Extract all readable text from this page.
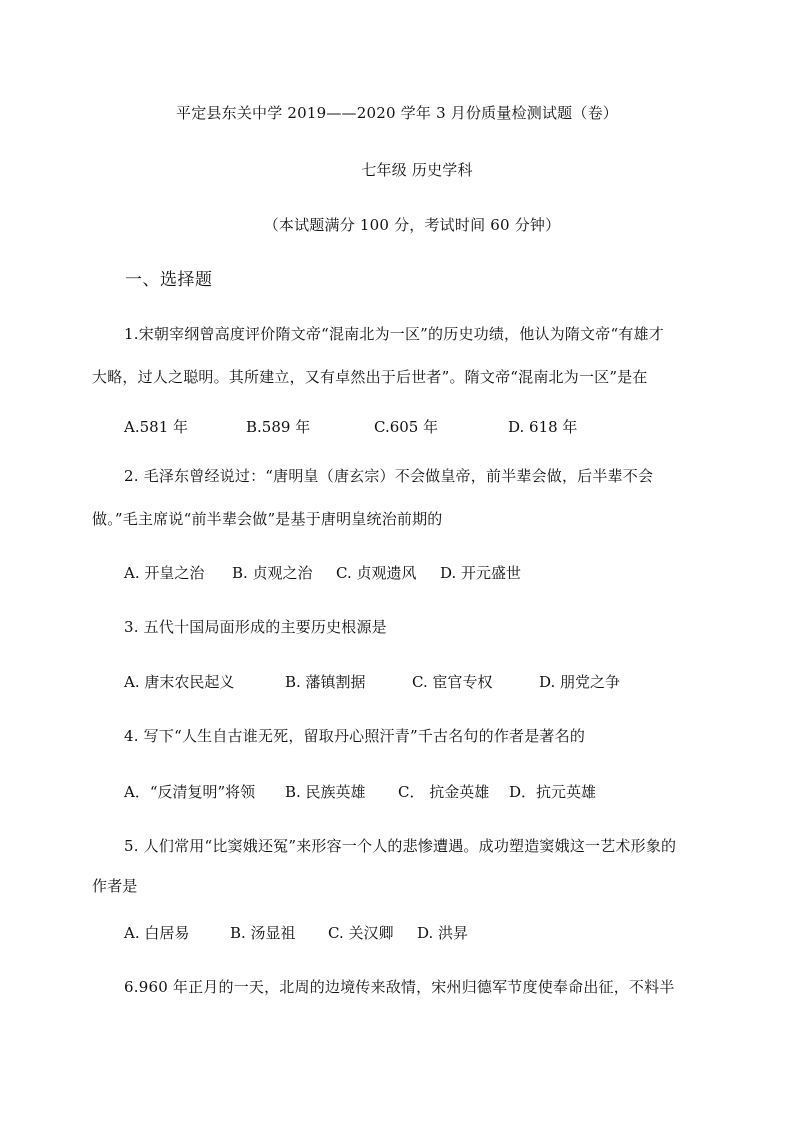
平定县东关中学 2019——2020 学年 3 月份质量检测试题（卷）
七年级 历史学科
（本试题满分 100 分，考试时间 60 分钟）
一、选择题
1.宋朝宰纲曾高度评价隋文帝“混南北为一区”的历史功绩，他认为隋文帝“有雄才
大略，过人之聪明。其所建立，又有卓然出于后世者”。隋文帝“混南北为一区”是在
A.581 年	B.589 年	C.605 年	D. 618 年
2. 毛泽东曾经说过：“唐明皇（唐玄宗）不会做皇帝，前半辈会做，后半辈不会
做。”毛主席说“前半辈会做”是基于唐明皇统治前期的
A. 开皇之治 B. 贞观之治 C. 贞观遗风 D. 开元盛世
3. 五代十国局面形成的主要历史根源是
A. 唐末农民起义	B. 藩镇割据	C. 宦官专权	D. 朋党之争
4. 写下“人生自古谁无死，留取丹心照汗青”千古名句的作者是著名的
A．“反清复明”将领 B. 民族英雄 C． 抗金英雄 D．抗元英雄
5. 人们常用“比窦娥还冤”来形容一个人的悲惨遭遇。成功塑造窦娥这一艺术形象的
作者是
A. 白居易	B. 汤显祖 C. 关汉卿 D. 洪昇
6.960 年正月的一天，北周的边境传来敌情，宋州归德军节度使奉命出征，不料半
